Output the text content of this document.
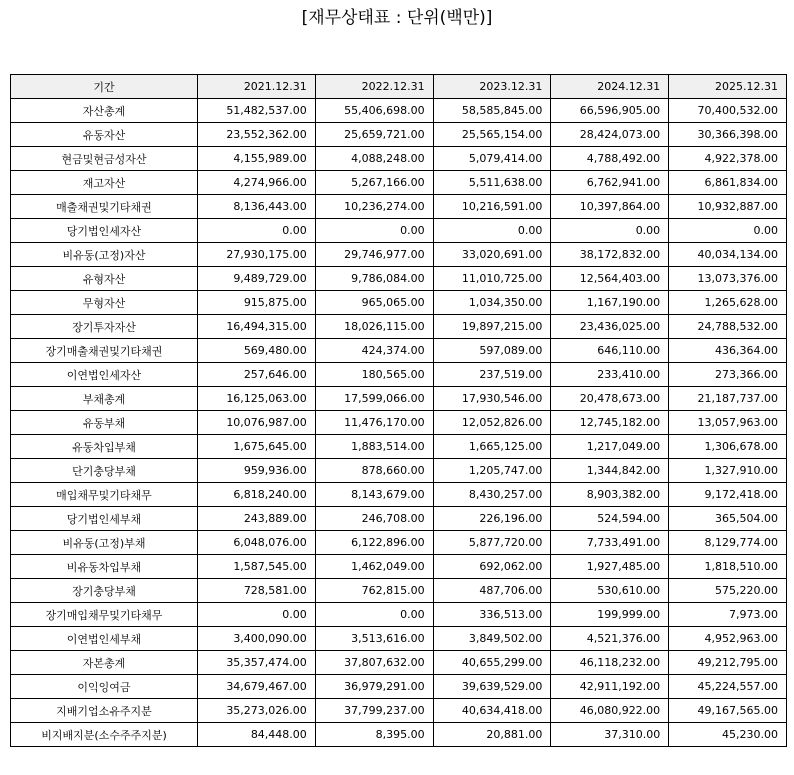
[재무상태표 : 단위(백만)]
기간	2021.12.31	2022.12.31	2023.12.31	2024.12.31	2025.12.31
자산총계	51,482,537.00	55,406,698.00	58,585,845.00	66,596,905.00	70,400,532.00
유동자산	23,552,362.00	25,659,721.00	25,565,154.00	28,424,073.00	30,366,398.00
현금및현금성자산	4,155,989.00	4,088,248.00	5,079,414.00	4,788,492.00	4,922,378.00
재고자산	4,274,966.00	5,267,166.00	5,511,638.00	6,762,941.00	6,861,834.00
매출채권및기타채권	8,136,443.00	10,236,274.00	10,216,591.00	10,397,864.00	10,932,887.00
당기법인세자산	0.00	0.00	0.00	0.00	0.00
비유동(고정)자산	27,930,175.00	29,746,977.00	33,020,691.00	38,172,832.00	40,034,134.00
유형자산	9,489,729.00	9,786,084.00	11,010,725.00	12,564,403.00	13,073,376.00
무형자산	915,875.00	965,065.00	1,034,350.00	1,167,190.00	1,265,628.00
장기투자자산	16,494,315.00	18,026,115.00	19,897,215.00	23,436,025.00	24,788,532.00
장기매출채권및기타채권	569,480.00	424,374.00	597,089.00	646,110.00	436,364.00
이연법인세자산	257,646.00	180,565.00	237,519.00	233,410.00	273,366.00
부채총계	16,125,063.00	17,599,066.00	17,930,546.00	20,478,673.00	21,187,737.00
유동부채	10,076,987.00	11,476,170.00	12,052,826.00	12,745,182.00	13,057,963.00
유동차입부채	1,675,645.00	1,883,514.00	1,665,125.00	1,217,049.00	1,306,678.00
단기충당부채	959,936.00	878,660.00	1,205,747.00	1,344,842.00	1,327,910.00
매입채무및기타채무	6,818,240.00	8,143,679.00	8,430,257.00	8,903,382.00	9,172,418.00
당기법인세부채	243,889.00	246,708.00	226,196.00	524,594.00	365,504.00
비유동(고정)부채	6,048,076.00	6,122,896.00	5,877,720.00	7,733,491.00	8,129,774.00
비유동차입부채	1,587,545.00	1,462,049.00	692,062.00	1,927,485.00	1,818,510.00
장기충당부채	728,581.00	762,815.00	487,706.00	530,610.00	575,220.00
장기매입채무및기타채무	0.00	0.00	336,513.00	199,999.00	7,973.00
이연법인세부채	3,400,090.00	3,513,616.00	3,849,502.00	4,521,376.00	4,952,963.00
자본총계	35,357,474.00	37,807,632.00	40,655,299.00	46,118,232.00	49,212,795.00
이익잉여금	34,679,467.00	36,979,291.00	39,639,529.00	42,911,192.00	45,224,557.00
지배기업소유주지분	35,273,026.00	37,799,237.00	40,634,418.00	46,080,922.00	49,167,565.00
비지배지분(소수주주지분)	84,448.00	8,395.00	20,881.00	37,310.00	45,230.00
